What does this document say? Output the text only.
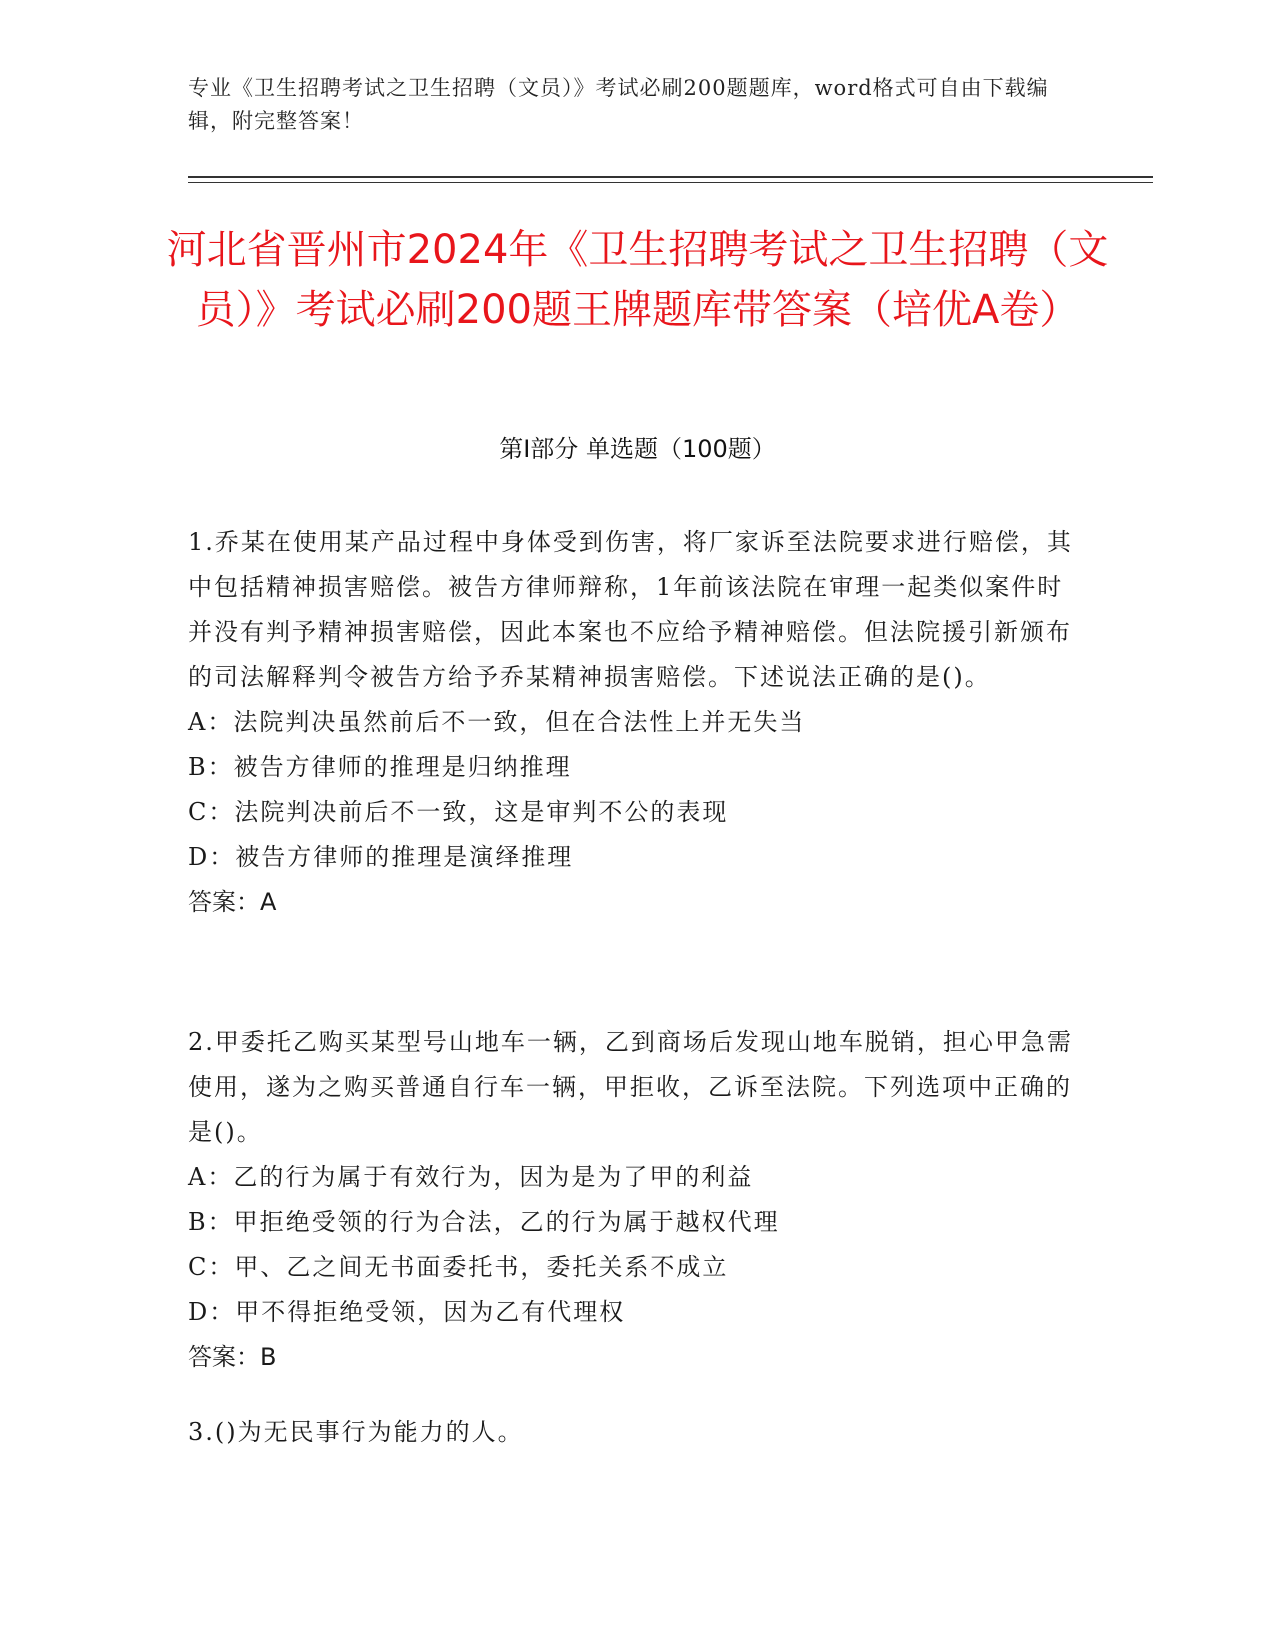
专业《卫生招聘考试之卫生招聘（文员）》考试必刷200题题库，word格式可自由下载编辑，附完整答案！
河北省晋州市2024年《卫生招聘考试之卫生招聘（文员）》考试必刷200题王牌题库带答案（培优A卷）
第Ⅰ部分 单选题（100题）
1.乔某在使用某产品过程中身体受到伤害，将厂家诉至法院要求进行赔偿，其中包括精神损害赔偿。被告方律师辩称，1年前该法院在审理一起类似案件时并没有判予精神损害赔偿，因此本案也不应给予精神赔偿。但法院援引新颁布的司法解释判令被告方给予乔某精神损害赔偿。下述说法正确的是()。
A：法院判决虽然前后不一致，但在合法性上并无失当
B：被告方律师的推理是归纳推理
C：法院判决前后不一致，这是审判不公的表现
D：被告方律师的推理是演绎推理
答案：A
2.甲委托乙购买某型号山地车一辆，乙到商场后发现山地车脱销，担心甲急需使用，遂为之购买普通自行车一辆，甲拒收，乙诉至法院。下列选项中正确的是()。
A：乙的行为属于有效行为，因为是为了甲的利益
B：甲拒绝受领的行为合法，乙的行为属于越权代理
C：甲、乙之间无书面委托书，委托关系不成立
D：甲不得拒绝受领，因为乙有代理权
答案：B
3.()为无民事行为能力的人。
